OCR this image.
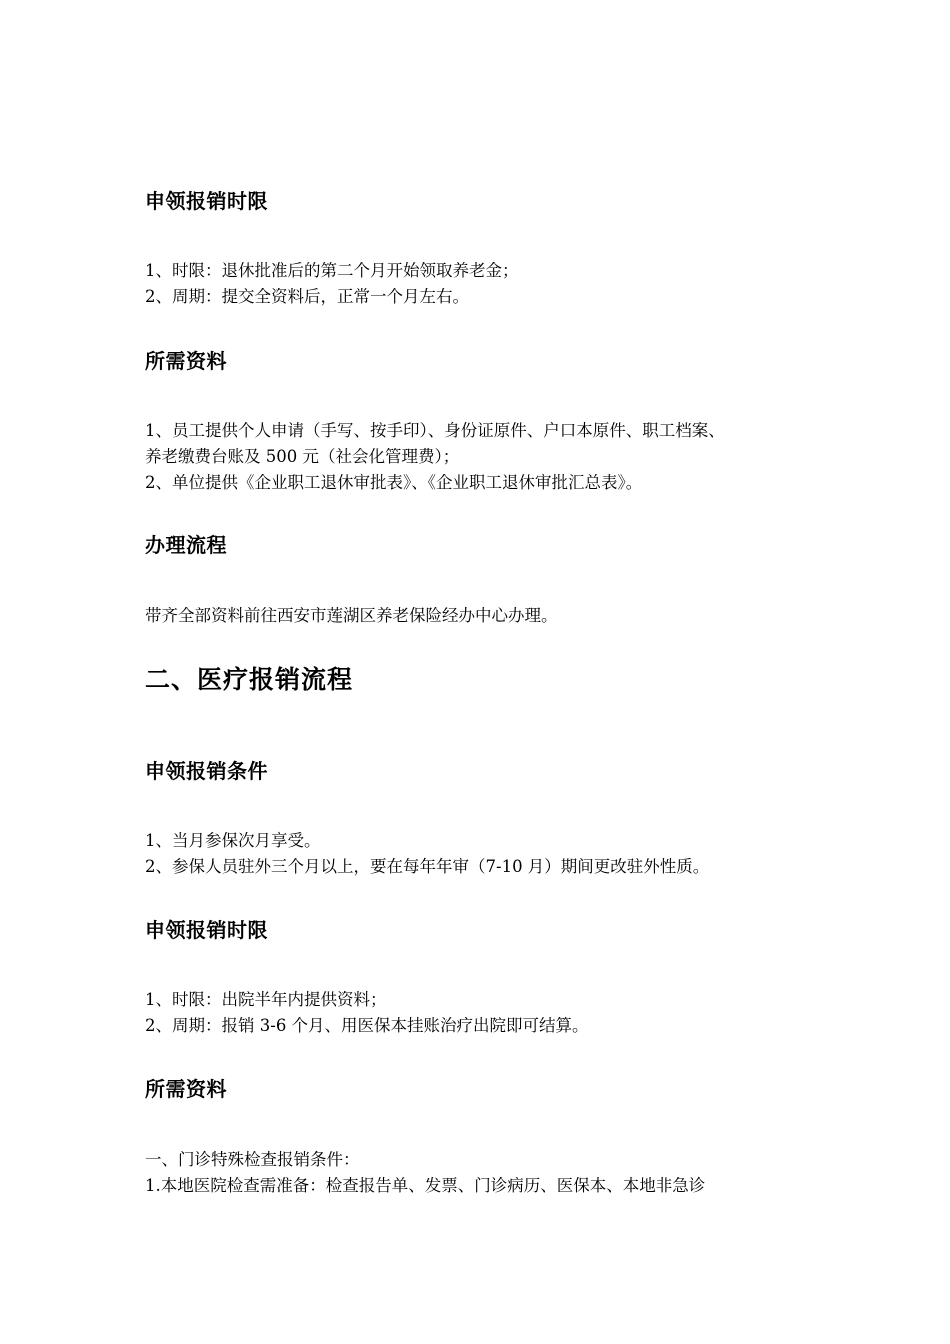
申领报销时限
1、时限：退休批准后的第二个月开始领取养老金；
2、周期：提交全资料后，正常一个月左右。
所需资料
1、员工提供个人申请（手写、按手印）、身份证原件、户口本原件、职工档案、
养老缴费台账及 500 元（社会化管理费）；
2、单位提供《企业职工退休审批表》、《企业职工退休审批汇总表》。
办理流程
带齐全部资料前往西安市莲湖区养老保险经办中心办理。
二、医疗报销流程
申领报销条件
1、当月参保次月享受。
2、参保人员驻外三个月以上，要在每年年审（7-10 月）期间更改驻外性质。
申领报销时限
1、时限：出院半年内提供资料；
2、周期：报销 3-6 个月、用医保本挂账治疗出院即可结算。
所需资料
一、门诊特殊检查报销条件：
1.本地医院检查需准备：检查报告单、发票、门诊病历、医保本、本地非急诊
